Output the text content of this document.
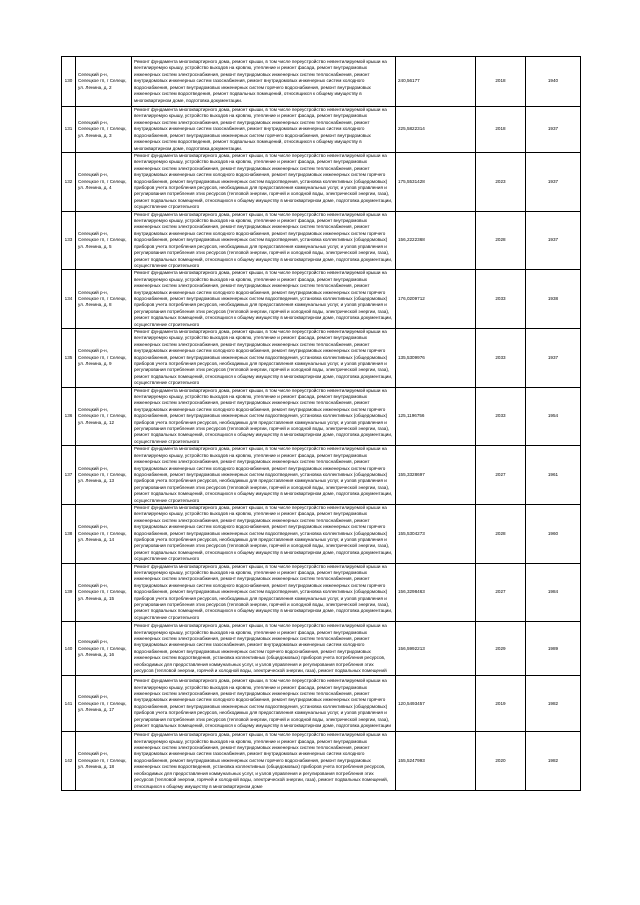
130	Селецкий р-н, Селецкое гп, г Селецк, ул. Ленина, д. 2	Ремонт фундамента многоквартирного дома, ремонт крыши, в том числе переустройство невентилируемой крыши на вентилируемую крышу, устройство выходов на кровлю, утепление и ремонт фасада, ремонт внутридомовых инженерных систем электроснабжения, ремонт внутридомовых инженерных систем теплоснабжения, ремонт внутридомовых инженерных систем газоснабжения, ремонт внутридомовых инженерных систем холодного водоснабжения, ремонт внутридомовых инженерных систем горячего водоснабжения, ремонт внутридомовых инженерных систем водоотведения, ремонт подвальных помещений, относящихся к общему имуществу в многоквартирном доме, подготовка документации.	240,56177	2018	1940
131	Селецкий р-н, Селецкое гп, г Селецк, ул. Ленина, д. 3	Ремонт фундамента многоквартирного дома, ремонт крыши, в том числе переустройство невентилируемой крыши на вентилируемую крышу, устройство выходов на кровлю, утепление и ремонт фасада, ремонт внутридомовых инженерных систем электроснабжения, ремонт внутридомовых инженерных систем теплоснабжения, ремонт внутридомовых инженерных систем газоснабжения, ремонт внутридомовых инженерных систем холодного водоснабжения, ремонт внутридомовых инженерных систем горячего водоснабжения, ремонт внутридомовых инженерных систем водоотведения, ремонт подвальных помещений, относящихся к общему имуществу в многоквартирном доме, подготовка документации.	225,5822314	2018	1937
132	Селецкий р-н, Селецкое гп, г Селецк, ул. Ленина, д. 4	Ремонт фундамента многоквартирного дома, ремонт крыши, в том числе переустройство невентилируемой крыши на вентилируемую крышу, устройство выходов на кровлю, утепление и ремонт фасада, ремонт внутридомовых инженерных систем электроснабжения, ремонт внутридомовых инженерных систем теплоснабжения, ремонт внутридомовых инженерных систем холодного водоснабжения, ремонт внутридомовых инженерных систем горячего водоснабжения, ремонт внутридомовых инженерных систем водоотведения, установка коллективных (общедомовых) приборов учета потребления ресурсов, необходимых для предоставления коммунальных услуг, и узлов управления и регулирования потребления этих ресурсов (тепловой энергии, горячей и холодной воды, электрической энергии, газа), ремонт подвальных помещений, относящихся к общему имуществу в многоквартирном доме, подготовка документации, осуществление строительного	175,5531428	2023	1937
133	Селецкий р-н, Селецкое гп, г Селецк, ул. Ленина, д. 5	Ремонт фундамента многоквартирного дома, ремонт крыши, в том числе переустройство невентилируемой крыши на вентилируемую крышу, устройство выходов на кровлю, утепление и ремонт фасада, ремонт внутридомовых инженерных систем электроснабжения, ремонт внутридомовых инженерных систем теплоснабжения, ремонт внутридомовых инженерных систем холодного водоснабжения, ремонт внутридомовых инженерных систем горячего водоснабжения, ремонт внутридомовых инженерных систем водоотведения, установка коллективных (общедомовых) приборов учета потребления ресурсов, необходимых для предоставления коммунальных услуг, и узлов управления и регулирования потребления этих ресурсов (тепловой энергии, горячей и холодной воды, электрической энергии, газа), ремонт подвальных помещений, относящихся к общему имуществу в многоквартирном доме, подготовка документации, осуществление строительного	156,2222368	2028	1937
134	Селецкий р-н, Селецкое гп, г Селецк, ул. Ленина, д. 8	Ремонт фундамента многоквартирного дома, ремонт крыши, в том числе переустройство невентилируемой крыши на вентилируемую крышу, устройство выходов на кровлю, утепление и ремонт фасада, ремонт внутридомовых инженерных систем электроснабжения, ремонт внутридомовых инженерных систем теплоснабжения, ремонт внутридомовых инженерных систем холодного водоснабжения, ремонт внутридомовых инженерных систем горячего водоснабжения, ремонт внутридомовых инженерных систем водоотведения, установка коллективных (общедомовых) приборов учета потребления ресурсов, необходимых для предоставления коммунальных услуг, и узлов управления и регулирования потребления этих ресурсов (тепловой энергии, горячей и холодной воды, электрической энергии, газа), ремонт подвальных помещений, относящихся к общему имуществу в многоквартирном доме, подготовка документации, осуществление строительного	176,0209712	2033	1938
135	Селецкий р-н, Селецкое гп, г Селецк, ул. Ленина, д. 9	Ремонт фундамента многоквартирного дома, ремонт крыши, в том числе переустройство невентилируемой крыши на вентилируемую крышу, устройство выходов на кровлю, утепление и ремонт фасада, ремонт внутридомовых инженерных систем электроснабжения, ремонт внутридомовых инженерных систем теплоснабжения, ремонт внутридомовых инженерных систем холодного водоснабжения, ремонт внутридомовых инженерных систем горячего водоснабжения, ремонт внутридомовых инженерных систем водоотведения, установка коллективных (общедомовых) приборов учета потребления ресурсов, необходимых для предоставления коммунальных услуг, и узлов управления и регулирования потребления этих ресурсов (тепловой энергии, горячей и холодной воды, электрической энергии, газа), ремонт подвальных помещений, относящихся к общему имуществу в многоквартирном доме, подготовка документации, осуществление строительного	135,5309976	2033	1937
136	Селецкий р-н, Селецкое гп, г Селецк, ул. Ленина, д. 12	Ремонт фундамента многоквартирного дома, ремонт крыши, в том числе переустройство невентилируемой крыши на вентилируемую крышу, устройство выходов на кровлю, утепление и ремонт фасада, ремонт внутридомовых инженерных систем электроснабжения, ремонт внутридомовых инженерных систем теплоснабжения, ремонт внутридомовых инженерных систем холодного водоснабжения, ремонт внутридомовых инженерных систем горячего водоснабжения, ремонт внутридомовых инженерных систем водоотведения, установка коллективных (общедомовых) приборов учета потребления ресурсов, необходимых для предоставления коммунальных услуг, и узлов управления и регулирования потребления этих ресурсов (тепловой энергии, горячей и холодной воды, электрической энергии, газа), ремонт подвальных помещений, относящихся к общему имуществу в многоквартирном доме, подготовка документации, осуществление строительного	125,1196756	2033	1954
137	Селецкий р-н, Селецкое гп, г Селецк, ул. Ленина, д. 13	Ремонт фундамента многоквартирного дома, ремонт крыши, в том числе переустройство невентилируемой крыши на вентилируемую крышу, устройство выходов на кровлю, утепление и ремонт фасада, ремонт внутридомовых инженерных систем электроснабжения, ремонт внутридомовых инженерных систем теплоснабжения, ремонт внутридомовых инженерных систем холодного водоснабжения, ремонт внутридомовых инженерных систем горячего водоснабжения, ремонт внутридомовых инженерных систем водоотведения, установка коллективных (общедомовых) приборов учета потребления ресурсов, необходимых для предоставления коммунальных услуг, и узлов управления и регулирования потребления этих ресурсов (тепловой энергии, горячей и холодной воды, электрической энергии, газа), ремонт подвальных помещений, относящихся к общему имуществу в многоквартирном доме, подготовка документации, осуществление строительного	155,3328697	2027	1961
138	Селецкий р-н, Селецкое гп, г Селецк, ул. Ленина, д. 14	Ремонт фундамента многоквартирного дома, ремонт крыши, в том числе переустройство невентилируемой крыши на вентилируемую крышу, устройство выходов на кровлю, утепление и ремонт фасада, ремонт внутридомовых инженерных систем электроснабжения, ремонт внутридомовых инженерных систем теплоснабжения, ремонт внутридомовых инженерных систем холодного водоснабжения, ремонт внутридомовых инженерных систем горячего водоснабжения, ремонт внутридомовых инженерных систем водоотведения, установка коллективных (общедомовых) приборов учета потребления ресурсов, необходимых для предоставления коммунальных услуг, и узлов управления и регулирования потребления этих ресурсов (тепловой энергии, горячей и холодной воды, электрической энергии, газа), ремонт подвальных помещений, относящихся к общему имуществу в многоквартирном доме, подготовка документации, осуществление строительного	155,5304273	2028	1960
139	Селецкий р-н, Селецкое гп, г Селецк, ул. Ленина, д. 15	Ремонт фундамента многоквартирного дома, ремонт крыши, в том числе переустройство невентилируемой крыши на вентилируемую крышу, устройство выходов на кровлю, утепление и ремонт фасада, ремонт внутридомовых инженерных систем электроснабжения, ремонт внутридомовых инженерных систем теплоснабжения, ремонт внутридомовых инженерных систем холодного водоснабжения, ремонт внутридомовых инженерных систем горячего водоснабжения, ремонт внутридомовых инженерных систем водоотведения, установка коллективных (общедомовых) приборов учета потребления ресурсов, необходимых для предоставления коммунальных услуг, и узлов управления и регулирования потребления этих ресурсов (тепловой энергии, горячей и холодной воды, электрической энергии, газа), ремонт подвальных помещений, относящихся к общему имуществу в многоквартирном доме, подготовка документации, осуществление строительного	156,3298463	2027	1984
140	Селецкий р-н, Селецкое гп, г Селецк, ул. Ленина, д. 16	Ремонт фундамента многоквартирного дома, ремонт крыши, в том числе переустройство невентилируемой крыши на вентилируемую крышу, устройство выходов на кровлю, утепление и ремонт фасада, ремонт внутридомовых инженерных систем электроснабжения, ремонт внутридомовых инженерных систем теплоснабжения, ремонт внутридомовых инженерных систем газоснабжения, ремонт внутридомовых инженерных систем холодного водоснабжения, ремонт внутридомовых инженерных систем горячего водоснабжения, ремонт внутридомовых инженерных систем водоотведения, установка коллективных (общедомовых) приборов учета потребления ресурсов, необходимых для предоставления коммунальных услуг, и узлов управления и регулирования потребления этих ресурсов (тепловой энергии, горячей и холодной воды, электрической энергии, газа), ремонт подвальных помещений	156,5992213	2029	1989
141	Селецкий р-н, Селецкое гп, г Селецк, ул. Ленина, д. 17	Ремонт фундамента многоквартирного дома, ремонт крыши, в том числе переустройство невентилируемой крыши на вентилируемую крышу, устройство выходов на кровлю, утепление и ремонт фасада, ремонт внутридомовых инженерных систем электроснабжения, ремонт внутридомовых инженерных систем теплоснабжения, ремонт внутридомовых инженерных систем холодного водоснабжения, ремонт внутридомовых инженерных систем горячего водоснабжения, ремонт внутридомовых инженерных систем водоотведения, установка коллективных (общедомовых) приборов учета потребления ресурсов, необходимых для предоставления коммунальных услуг, и узлов управления и регулирования потребления этих ресурсов (тепловой энергии, горячей и холодной воды, электрической энергии, газа), ремонт подвальных помещений, относящихся к общему имуществу в многоквартирном доме, подготовка документации	120,5493457	2019	1982
142	Селецкий р-н, Селецкое гп, г Селецк, ул. Ленина, д. 18	Ремонт фундамента многоквартирного дома, ремонт крыши, в том числе переустройство невентилируемой крыши на вентилируемую крышу, устройство выходов на кровлю, утепление и ремонт фасада, ремонт внутридомовых инженерных систем электроснабжения, ремонт внутридомовых инженерных систем теплоснабжения, ремонт внутридомовых инженерных систем газоснабжения, ремонт внутридомовых инженерных систем холодного водоснабжения, ремонт внутридомовых инженерных систем горячего водоснабжения, ремонт внутридомовых инженерных систем водоотведения, установка коллективных (общедомовых) приборов учета потребления ресурсов, необходимых для предоставления коммунальных услуг, и узлов управления и регулирования потребления этих ресурсов (тепловой энергии, горячей и холодной воды, электрической энергии, газа), ремонт подвальных помещений, относящихся к общему имуществу в многоквартирном доме	155,5247993	2020	1982
